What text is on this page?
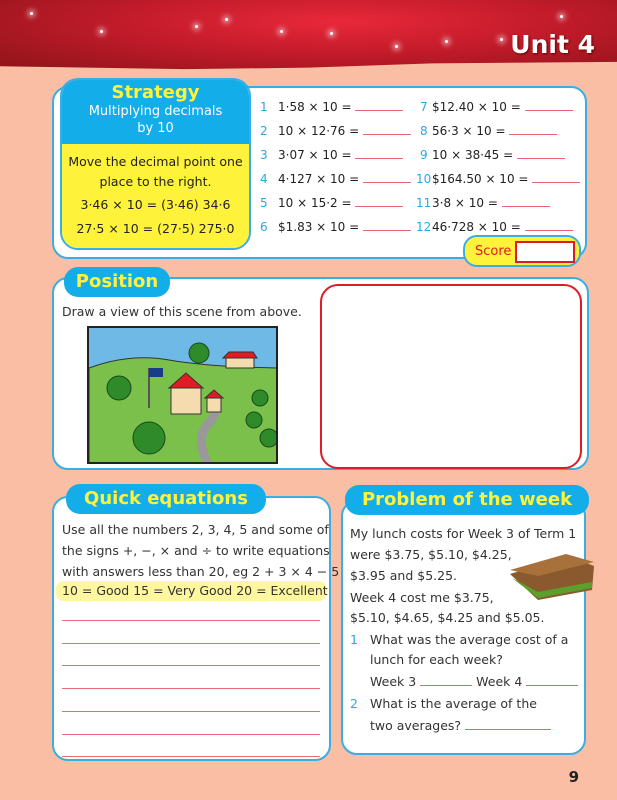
Unit 4
Strategy
Multiplying decimals
by 10
Move the decimal point one
place to the right.
3·46 × 10 = (3·46) 34·6
27·5 × 10 = (27·5) 275·0
1 1·58 × 10 =
2 10 × 12·76 =
3 3·07 × 10 =
4 4·127 × 10 =
5 10 × 15·2 =
6 $1.83 × 10 =
7 $12.40 × 10 =
8 56·3 × 10 =
9 10 × 38·45 =
10$164.50 × 10 =
113·8 × 10 =
1246·728 × 10 =
Score
Position
Draw a view of this scene from above.
Quick equations
Use all the numbers 2, 3, 4, 5 and some of
the signs +, −, × and ÷ to write equations
with answers less than 20, eg 2 + 3 × 4 − 5
10 = Good 15 = Very Good 20 = Excellent
Problem of the week
My lunch costs for Week 3 of Term 1
were $3.75, $5.10, $4.25,
$3.95 and $5.25.
Week 4 cost me $3.75,
$5.10, $4.65, $4.25 and $5.05.
1 What was the average cost of a
lunch for each week?
Week 3	Week 4
2 What is the average of the
two averages?
9
